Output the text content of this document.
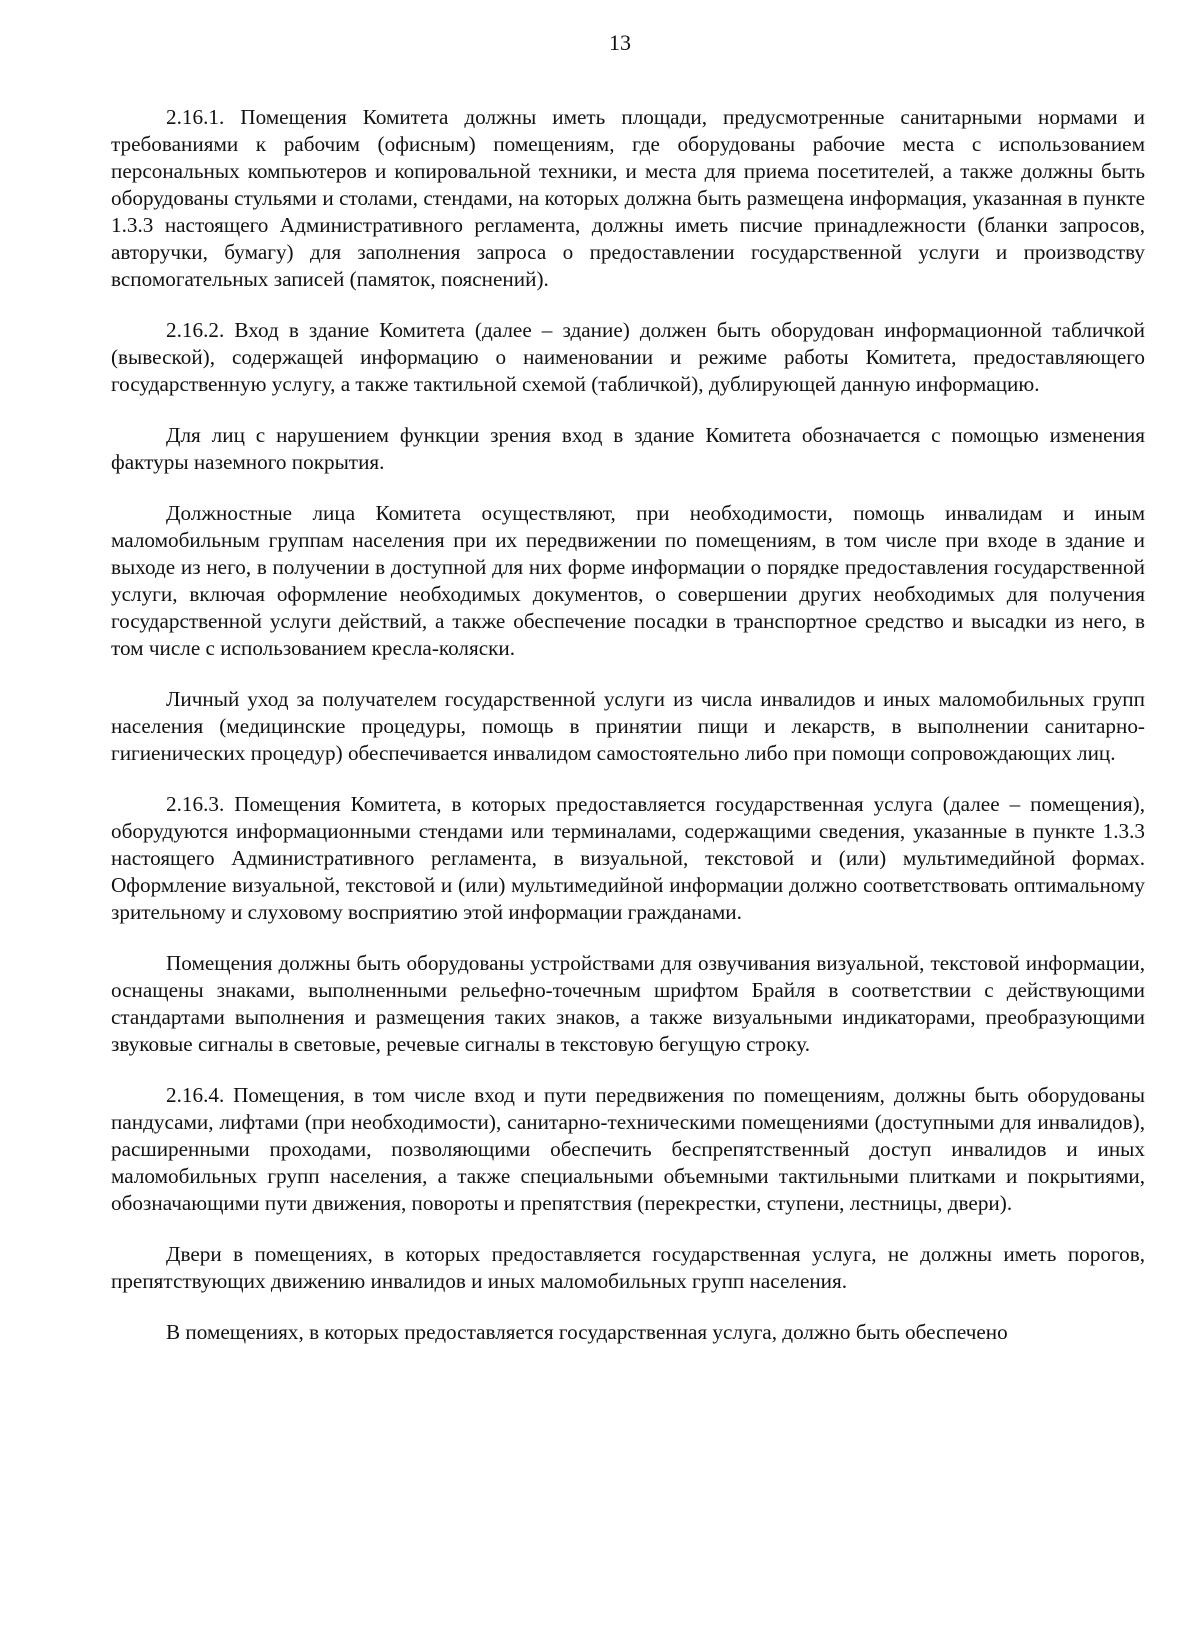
13

2.16.1. Помещения Комитета должны иметь площади, предусмотренные санитарными нормами и требованиями к рабочим (офисным) помещениям, где оборудованы рабочие места с использованием персональных компьютеров и копировальной техники, и места для приема посетителей, а также должны быть оборудованы стульями и столами, стендами, на которых должна быть размещена информация, указанная в пункте 1.3.3 настоящего Административного регламента, должны иметь писчие принадлежности (бланки запросов, авторучки, бумагу) для заполнения запроса о предоставлении государственной услуги и производству вспомогательных записей (памяток, пояснений).

2.16.2. Вход в здание Комитета (далее – здание) должен быть оборудован информационной табличкой (вывеской), содержащей информацию о наименовании и режиме работы Комитета, предоставляющего государственную услугу, а также тактильной схемой (табличкой), дублирующей данную информацию.

Для лиц с нарушением функции зрения вход в здание Комитета обозначается с помощью изменения фактуры наземного покрытия.

Должностные лица Комитета осуществляют, при необходимости, помощь инвалидам и иным маломобильным группам населения при их передвижении по помещениям, в том числе при входе в здание и выходе из него, в получении в доступной для них форме информации о порядке предоставления государственной услуги, включая оформление необходимых документов, о совершении других необходимых для получения государственной услуги действий, а также обеспечение посадки в транспортное средство и высадки из него, в том числе с использованием кресла-коляски.

Личный уход за получателем государственной услуги из числа инвалидов и иных маломобильных групп населения (медицинские процедуры, помощь в принятии пищи и лекарств, в выполнении санитарно-гигиенических процедур) обеспечивается инвалидом самостоятельно либо при помощи сопровождающих лиц.

2.16.3. Помещения Комитета, в которых предоставляется государственная услуга (далее – помещения), оборудуются информационными стендами или терминалами, содержащими сведения, указанные в пункте 1.3.3 настоящего Административного регламента, в визуальной, текстовой и (или) мультимедийной формах. Оформление визуальной, текстовой и (или) мультимедийной информации должно соответствовать оптимальному зрительному и слуховому восприятию этой информации гражданами.

Помещения должны быть оборудованы устройствами для озвучивания визуальной, текстовой информации, оснащены знаками, выполненными рельефно-точечным шрифтом Брайля в соответствии с действующими стандартами выполнения и размещения таких знаков, а также визуальными индикаторами, преобразующими звуковые сигналы в световые, речевые сигналы в текстовую бегущую строку.

2.16.4. Помещения, в том числе вход и пути передвижения по помещениям, должны быть оборудованы пандусами, лифтами (при необходимости), санитарно-техническими помещениями (доступными для инвалидов), расширенными проходами, позволяющими обеспечить беспрепятственный доступ инвалидов и иных маломобильных групп населения, а также специальными объемными тактильными плитками и покрытиями, обозначающими пути движения, повороты и препятствия (перекрестки, ступени, лестницы, двери).

Двери в помещениях, в которых предоставляется государственная услуга, не должны иметь порогов, препятствующих движению инвалидов и иных маломобильных групп населения.

В помещениях, в которых предоставляется государственная услуга, должно быть обеспечено
